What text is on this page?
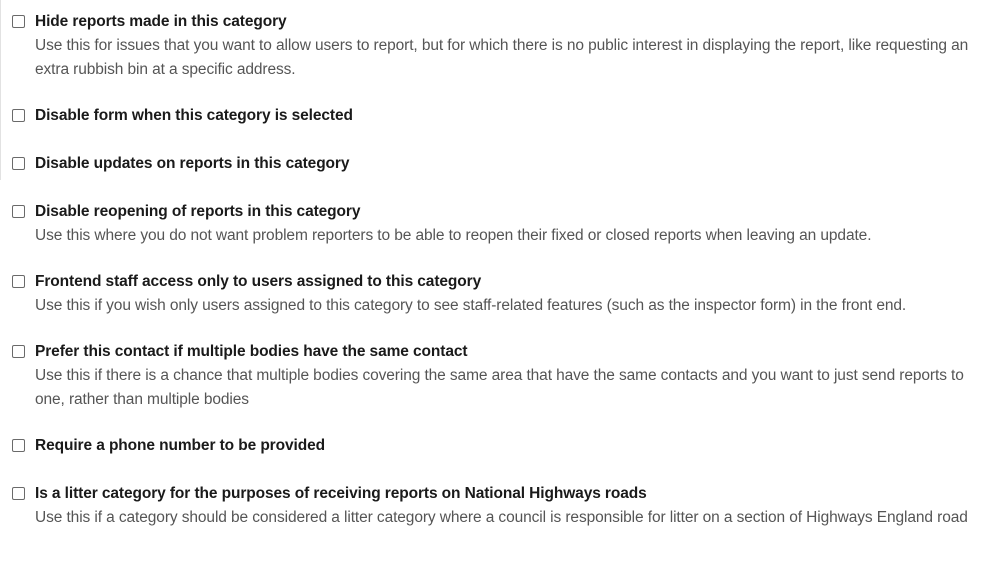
Hide reports made in this category
Use this for issues that you want to allow users to report, but for which there is no public interest in displaying the report, like requesting an extra rubbish bin at a specific address.
Disable form when this category is selected
Disable updates on reports in this category
Disable reopening of reports in this category
Use this where you do not want problem reporters to be able to reopen their fixed or closed reports when leaving an update.
Frontend staff access only to users assigned to this category
Use this if you wish only users assigned to this category to see staff-related features (such as the inspector form) in the front end.
Prefer this contact if multiple bodies have the same contact
Use this if there is a chance that multiple bodies covering the same area that have the same contacts and you want to just send reports to one, rather than multiple bodies
Require a phone number to be provided
Is a litter category for the purposes of receiving reports on National Highways roads
Use this if a category should be considered a litter category where a council is responsible for litter on a section of Highways England road
